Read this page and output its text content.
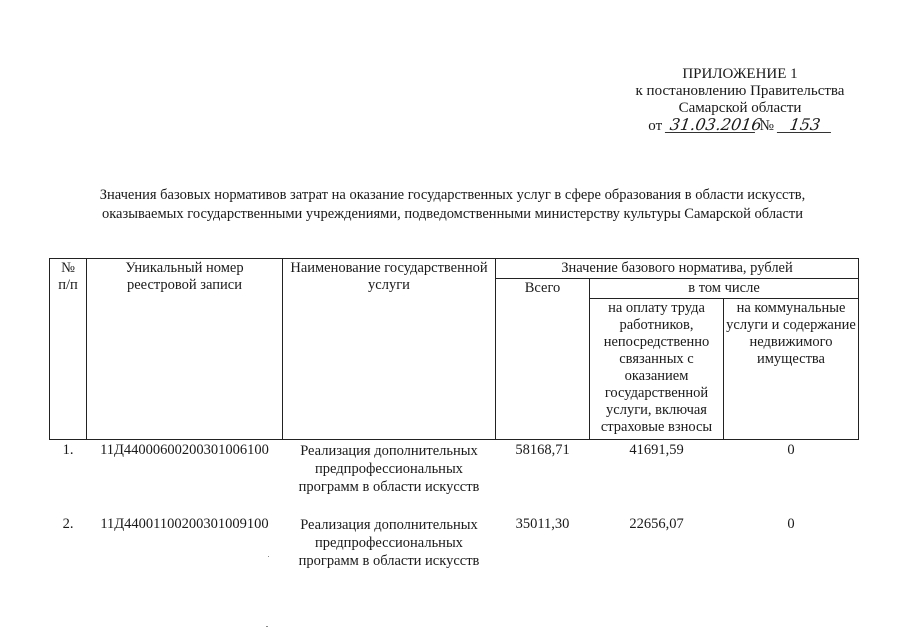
ПРИЛОЖЕНИЕ 1
к постановлению Правительства
Самарской области
от 31.03.2016 № 153
Значения базовых нормативов затрат на оказание государственных услуг в сфере образования в области искусств,
оказываемых государственными учреждениями, подведомственными министерству культуры Самарской области
№
п/п	Уникальный номер реестровой записи	Наименование государственной услуги	Значение базового норматива, рублей		
			Всего	в том числе	
				на оплату труда работников, непосредственно связанных с оказанием государственной услуги, включая страховые взносы	на коммунальные услуги и содержание недвижимого имущества
1.	11Д44000600200301006100	Реализация дополнительных предпрофессиональных программ в области искусств	58168,71	41691,59	0
2.	11Д44001100200301009100	Реализация дополнительных предпрофессиональных программ в области искусств	35011,30	22656,07	0
